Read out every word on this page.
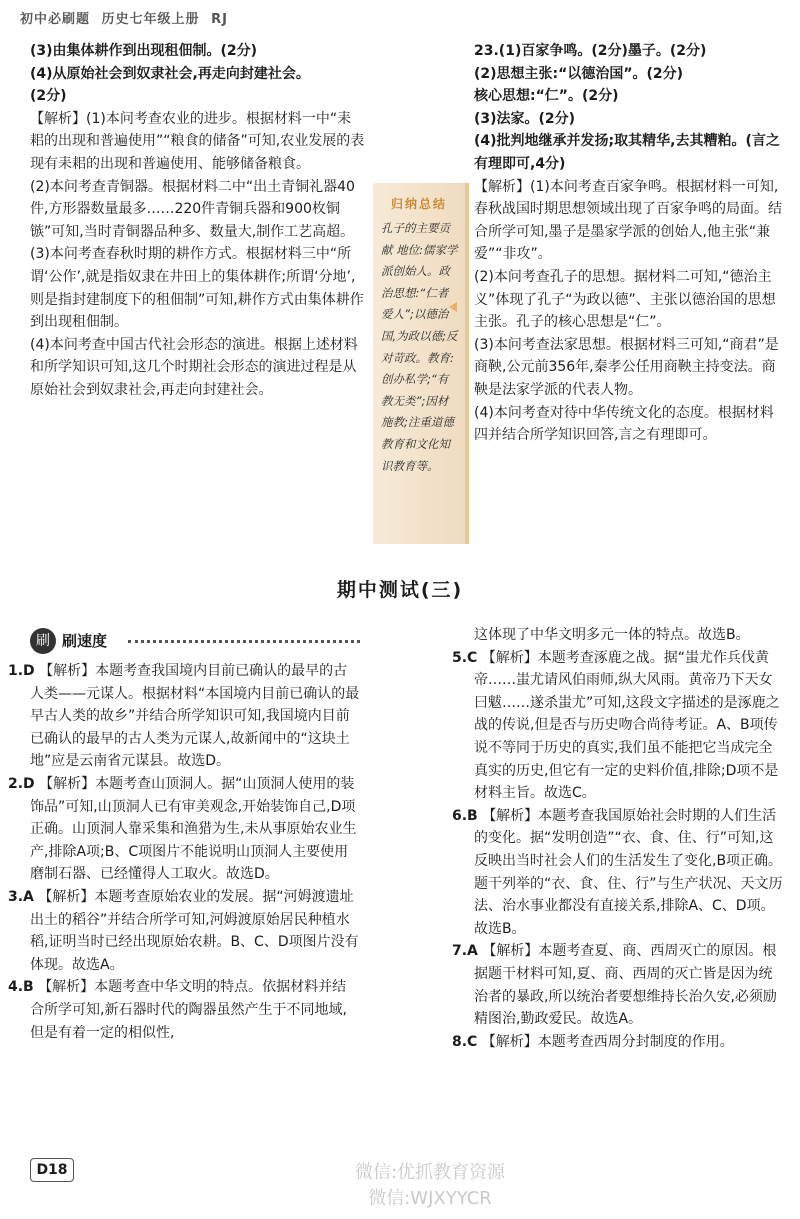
初中必刷题 历史七年级上册 RJ

(3)由集体耕作到出现租佃制。(2分)

(4)从原始社会到奴隶社会,再走向封建社会。

(2分)

【解析】(1)本问考查农业的进步。根据材料一中“耒耜的出现和普遍使用”“粮食的储备”可知,农业发展的表现有耒耜的出现和普遍使用、能够储备粮食。

(2)本问考查青铜器。根据材料二中“出土青铜礼器40件,方形器数量最多……220件青铜兵器和900枚铜镞”可知,当时青铜器品种多、数量大,制作工艺高超。

(3)本问考查春秋时期的耕作方式。根据材料三中“所谓‘公作’,就是指奴隶在井田上的集体耕作;所谓‘分地’,则是指封建制度下的租佃制”可知,耕作方式由集体耕作到出现租佃制。

(4)本问考查中国古代社会形态的演进。根据上述材料和所学知识可知,这几个时期社会形态的演进过程是从原始社会到奴隶社会,再走向封建社会。

归纳总结
孔子的主要贡献 地位:儒家学派创始人。政治思想:“仁者爱人”;以德治国,为政以德;反对苛政。教育:创办私学;“有教无类”;因材施教;注重道德教育和文化知识教育等。

23.(1)百家争鸣。(2分)墨子。(2分)

(2)思想主张:“以德治国”。(2分)

核心思想:“仁”。(2分)

(3)法家。(2分)

(4)批判地继承并发扬;取其精华,去其糟粕。(言之有理即可,4分)

【解析】(1)本问考查百家争鸣。根据材料一可知,春秋战国时期思想领域出现了百家争鸣的局面。结合所学可知,墨子是墨家学派的创始人,他主张“兼爱”“非攻”。

(2)本问考查孔子的思想。据材料二可知,“德治主义”体现了孔子“为政以德”、主张以德治国的思想主张。孔子的核心思想是“仁”。

(3)本问考查法家思想。根据材料三可知,“商君”是商鞅,公元前356年,秦孝公任用商鞅主持变法。商鞅是法家学派的代表人物。

(4)本问考查对待中华传统文化的态度。根据材料四并结合所学知识回答,言之有理即可。

期中测试(三)
刷 刷速度

1.D 【解析】本题考查我国境内目前已确认的最早的古人类——元谋人。根据材料“本国境内目前已确认的最早古人类的故乡”并结合所学知识可知,我国境内目前已确认的最早的古人类为元谋人,故新闻中的“这块土地”应是云南省元谋县。故选D。

2.D 【解析】本题考查山顶洞人。据“山顶洞人使用的装饰品”可知,山顶洞人已有审美观念,开始装饰自己,D项正确。山顶洞人靠采集和渔猎为生,未从事原始农业生产,排除A项;B、C项图片不能说明山顶洞人主要使用磨制石器、已经懂得人工取火。故选D。

3.A 【解析】本题考查原始农业的发展。据“河姆渡遗址出土的稻谷”并结合所学可知,河姆渡原始居民种植水稻,证明当时已经出现原始农耕。B、C、D项图片没有体现。故选A。

4.B 【解析】本题考查中华文明的特点。依据材料并结合所学可知,新石器时代的陶器虽然产生于不同地域,但是有着一定的相似性,

这体现了中华文明多元一体的特点。故选B。

5.C 【解析】本题考查涿鹿之战。据“蚩尤作兵伐黄帝……蚩尤请风伯雨师,纵大风雨。黄帝乃下天女曰魃……遂杀蚩尤”可知,这段文字描述的是涿鹿之战的传说,但是否与历史吻合尚待考证。A、B项传说不等同于历史的真实,我们虽不能把它当成完全真实的历史,但它有一定的史料价值,排除;D项不是材料主旨。故选C。

6.B 【解析】本题考查我国原始社会时期的人们生活的变化。据“发明创造”“衣、食、住、行”可知,这反映出当时社会人们的生活发生了变化,B项正确。题干列举的“衣、食、住、行”与生产状况、天文历法、治水事业都没有直接关系,排除A、C、D项。故选B。

7.A 【解析】本题考查夏、商、西周灭亡的原因。根据题干材料可知,夏、商、西周的灭亡皆是因为统治者的暴政,所以统治者要想维持长治久安,必须励精图治,勤政爱民。故选A。

8.C 【解析】本题考查西周分封制度的作用。

D18	微信:优抓教育资源
微信:WJXYYCR
